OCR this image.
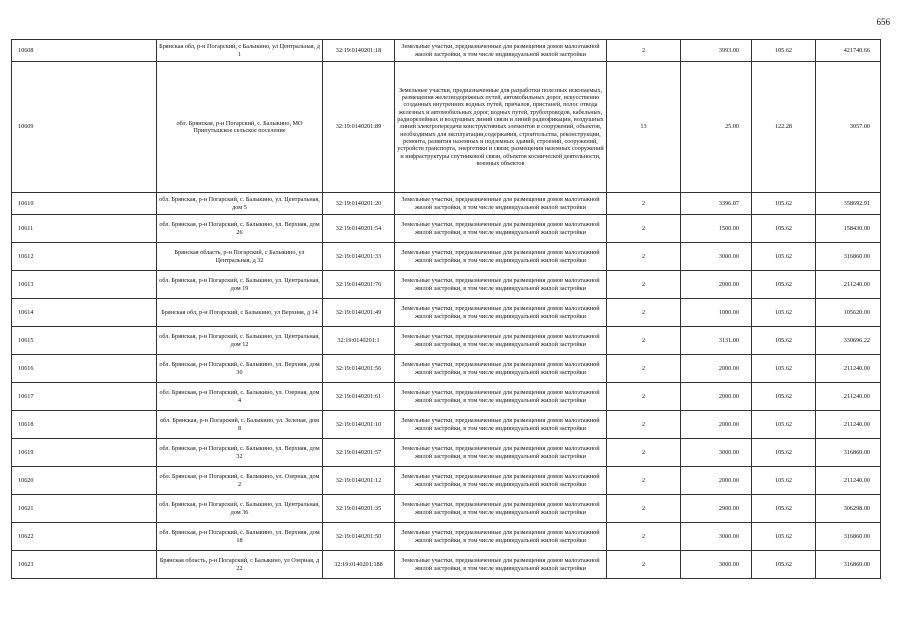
656
10608	Брянская обл, р-н Погарский, с Балыкино, ул Центральная, д 1	32:19:0140201:18	Земельные участки, предназначенные для размещения домов малоэтажной жилой застройки, в том числе индивидуальной жилой застройки	2	3993.00	105.62	421740.66
10609	обл. Брянская, р-н Погарский, с. Балыкино, МО Припутьшское сельское поселение	32:19:0140201:89	Земельные участки, предназначенные для разработки полезных ископаемых, размещения железнодорожных путей, автомобильных дорог, искусственно созданных внутренних водных путей, причалов, пристаней, полос отвода железных и автомобильных дорог, водных путей, трубопроводов, кабельных, радиорелейных и воздушных линий связи и линий радиофикации, воздушных линий электропередачи конструктивных элементов и сооружений, объектов, необходимых для эксплуатации,содержания, строительства, реконструкции, ремонта, развития наземных и подземных зданий, строений, сооружений, устройств транспорта, энергетики и связи; размещения наземных сооружений и инфраструктуры спутниковой связи, объектов космической деятельности, военных объектов	13	25.00	122.28	3057.00
10610	обл. Брянская, р-н Погарский, с. Балыкино, ул. Центральная, дом 5	32:19:0140201:20	Земельные участки, предназначенные для размещения домов малоэтажной жилой застройки, в том числе индивидуальной жилой застройки	2	3396.07	105.62	358692.91
10611	обл. Брянская, р-н Погарский, с. Балыкино, ул. Верхняя, дом 26	32:19:0140201:54	Земельные участки, предназначенные для размещения домов малоэтажной жилой застройки, в том числе индивидуальной жилой застройки	2	1500.00	105.62	158430.00
10612	Брянская область, р-н Погарский, с Балыкино, ул Центральная, д 32	32:19:0140201:33	Земельные участки, предназначенные для размещения домов малоэтажной жилой застройки, в том числе индивидуальной жилой застройки	2	3000.00	105.62	316860.00
10613	обл. Брянская, р-н Погарский, с. Балыкино, ул. Центральная, дом 19	32:19:0140201:76	Земельные участки, предназначенные для размещения домов малоэтажной жилой застройки, в том числе индивидуальной жилой застройки	2	2000.00	105.62	211240.00
10614	Брянская обл, р-н Погарский, с Балыкино, ул Верхняя, д 14	32:19:0140201:49	Земельные участки, предназначенные для размещения домов малоэтажной жилой застройки, в том числе индивидуальной жилой застройки	2	1000.00	105.62	105620.00
10615	обл. Брянская, р-н Погарский, с. Балыкино, ул. Центральная, дом 12	32:19:0140201:1	Земельные участки, предназначенные для размещения домов малоэтажной жилой застройки, в том числе индивидуальной жилой застройки	2	3131.00	105.62	330696.22
10616	обл. Брянская, р-н Погарский, с. Балыкино, ул. Верхняя, дом 30	32:19:0140201:56	Земельные участки, предназначенные для размещения домов малоэтажной жилой застройки, в том числе индивидуальной жилой застройки	2	2000.00	105.62	211240.00
10617	обл. Брянская, р-н Погарский, с. Балыкино, ул. Озерная, дом 4	32:19:0140201:61	Земельные участки, предназначенные для размещения домов малоэтажной жилой застройки, в том числе индивидуальной жилой застройки	2	2000.00	105.62	211240.00
10618	обл. Брянская, р-н Погарский, с. Балыкино, ул. Зеленая, дом 8	32:19:0140201:10	Земельные участки, предназначенные для размещения домов малоэтажной жилой застройки, в том числе индивидуальной жилой застройки	2	2000.00	105.62	211240.00
10619	обл. Брянская, р-н Погарский, с. Балыкино, ул. Верхняя, дом 32	32:19:0140201:57	Земельные участки, предназначенные для размещения домов малоэтажной жилой застройки, в том числе индивидуальной жилой застройки	2	3000.00	105.62	316860.00
10620	обл. Брянская, р-н Погарский, с. Балыкино, ул. Озерная, дом 2	32:19:0140201:12	Земельные участки, предназначенные для размещения домов малоэтажной жилой застройки, в том числе индивидуальной жилой застройки	2	2000.00	105.62	211240.00
10621	обл. Брянская, р-н Погарский, с. Балыкино, ул. Центральная, дом 36	32:19:0140201:35	Земельные участки, предназначенные для размещения домов малоэтажной жилой застройки, в том числе индивидуальной жилой застройки	2	2900.00	105.62	306298.00
10622	обл. Брянская, р-н Погарский, с. Балыкино, ул. Верхняя, дом 18	32:19:0140201:50	Земельные участки, предназначенные для размещения домов малоэтажной жилой застройки, в том числе индивидуальной жилой застройки	2	3000.00	105.62	316860.00
10623	Брянская область, р-н Погарский, с Балыкино, ул Озерная, д 22	32:19:0140201:188	Земельные участки, предназначенные для размещения домов малоэтажной жилой застройки, в том числе индивидуальной жилой застройки	2	3000.00	105.62	316860.00
